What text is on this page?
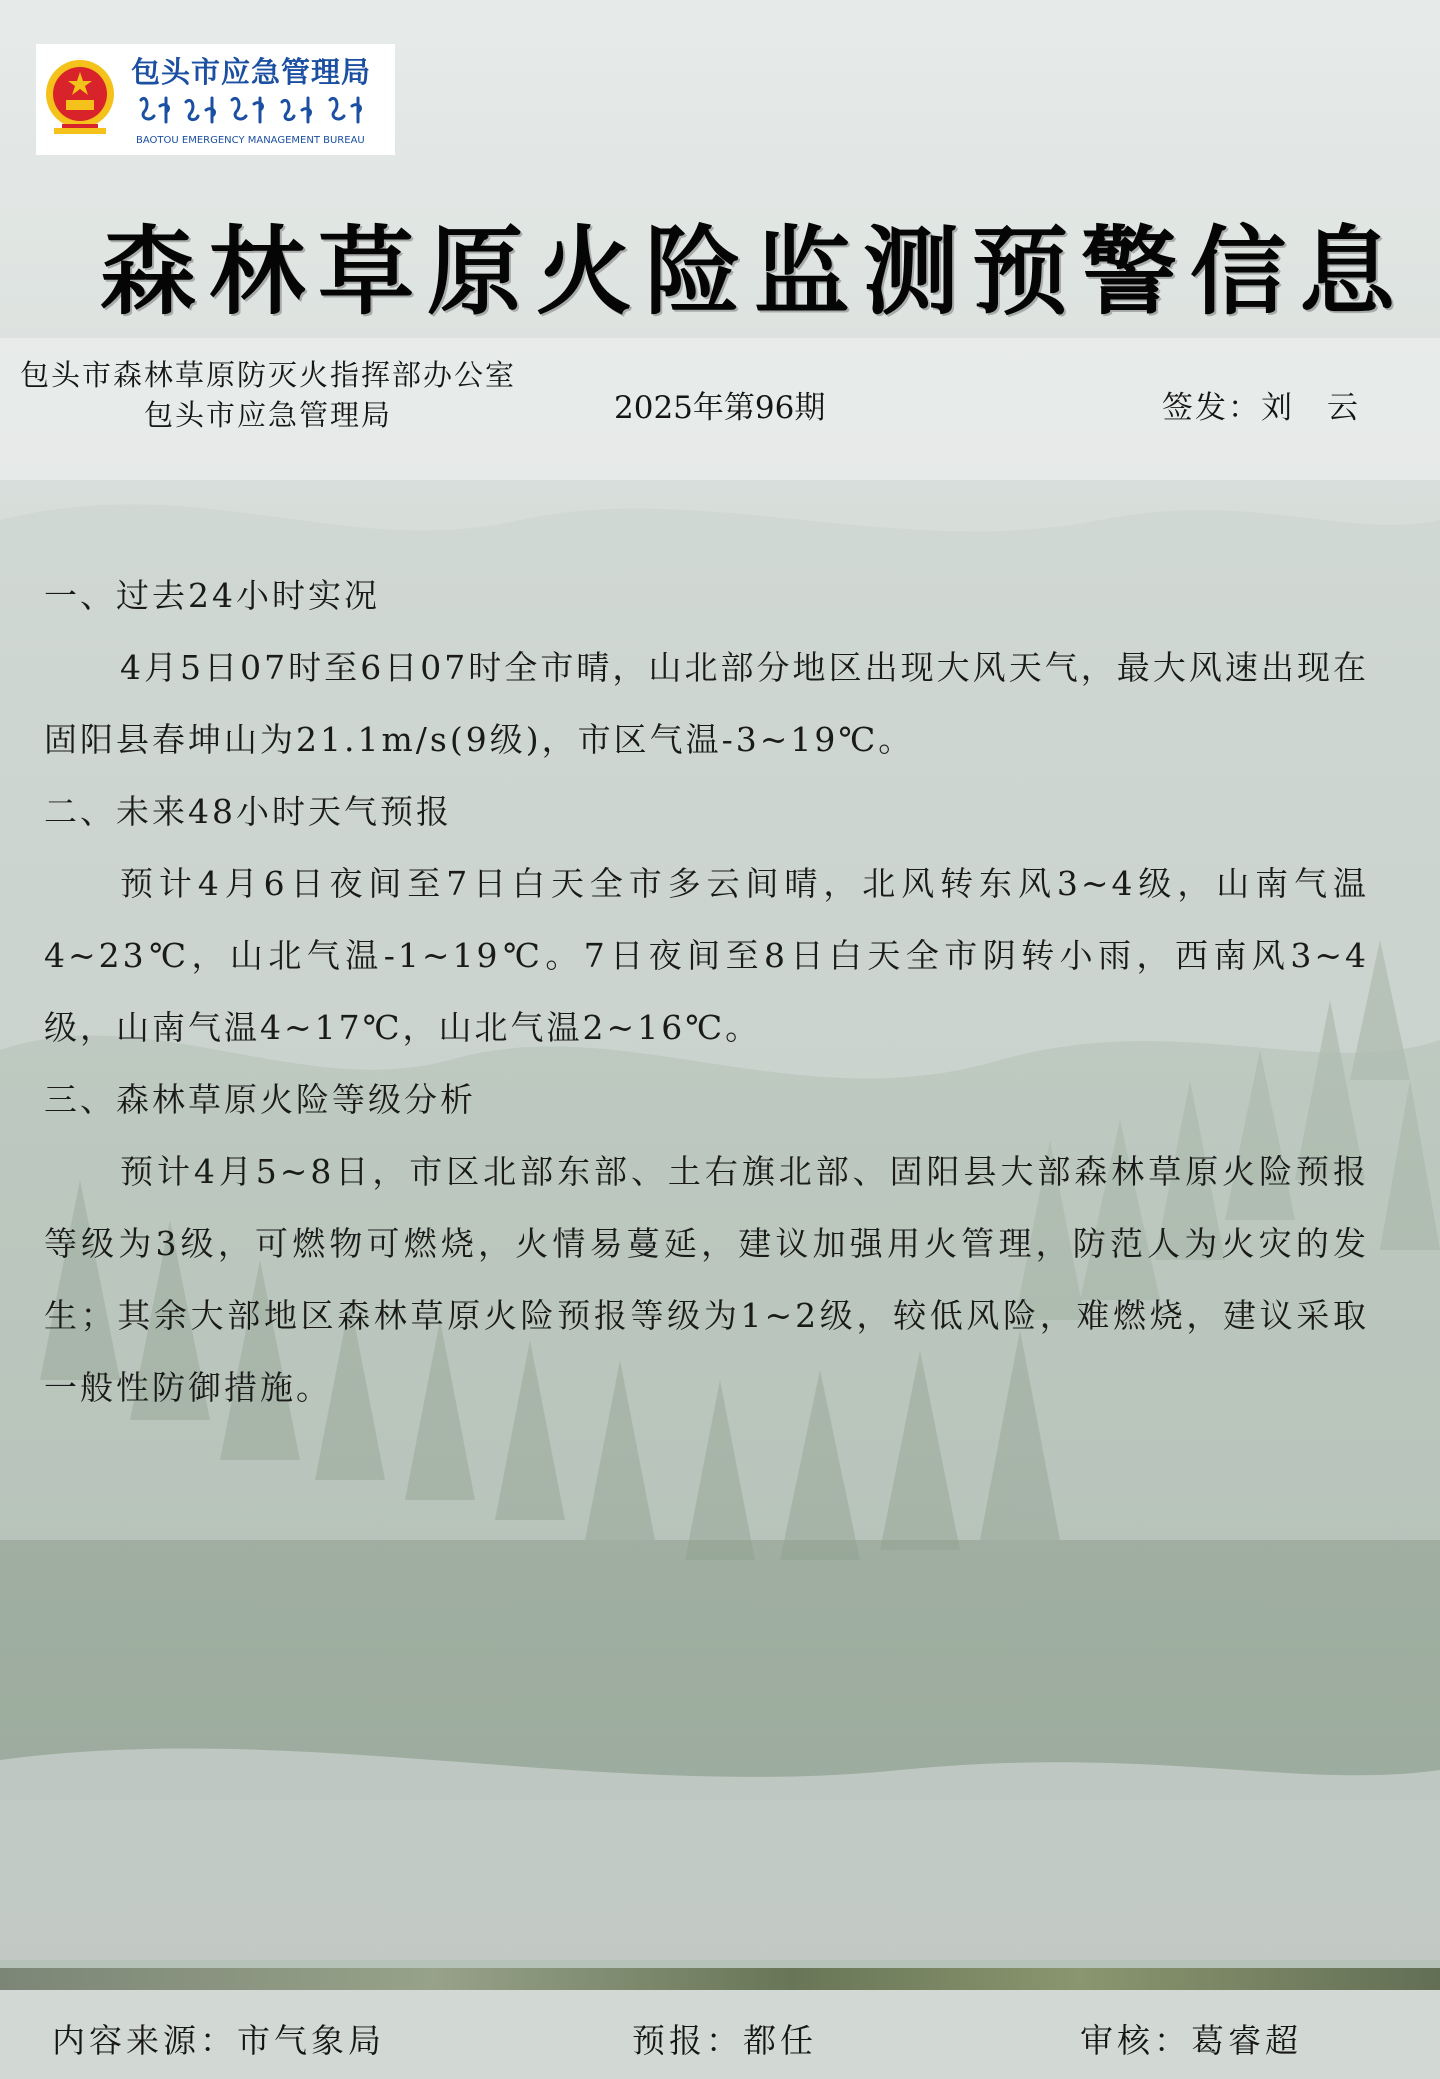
包头市应急管理局
BAOTOU EMERGENCY MANAGEMENT BUREAU
森林草原火险监测预警信息
包头市森林草原防灭火指挥部办公室
包头市应急管理局	2025年第96期	签发：刘　云
一、过去24小时实况
4月5日07时至6日07时全市晴，山北部分地区出现大风天气，最大风速出现在固阳县春坤山为21.1m/s(9级)，市区气温-3~19℃。
二、未来48小时天气预报
预计4月6日夜间至7日白天全市多云间晴，北风转东风3~4级，山南气温4~23℃，山北气温-1~19℃。7日夜间至8日白天全市阴转小雨，西南风3~4级，山南气温4~17℃，山北气温2~16℃。
三、森林草原火险等级分析
预计4月5~8日，市区北部东部、土右旗北部、固阳县大部森林草原火险预报等级为3级，可燃物可燃烧，火情易蔓延，建议加强用火管理，防范人为火灾的发生；其余大部地区森林草原火险预报等级为1~2级，较低风险，难燃烧，建议采取一般性防御措施。
内容来源：市气象局	预报：都任	审核：葛睿超
